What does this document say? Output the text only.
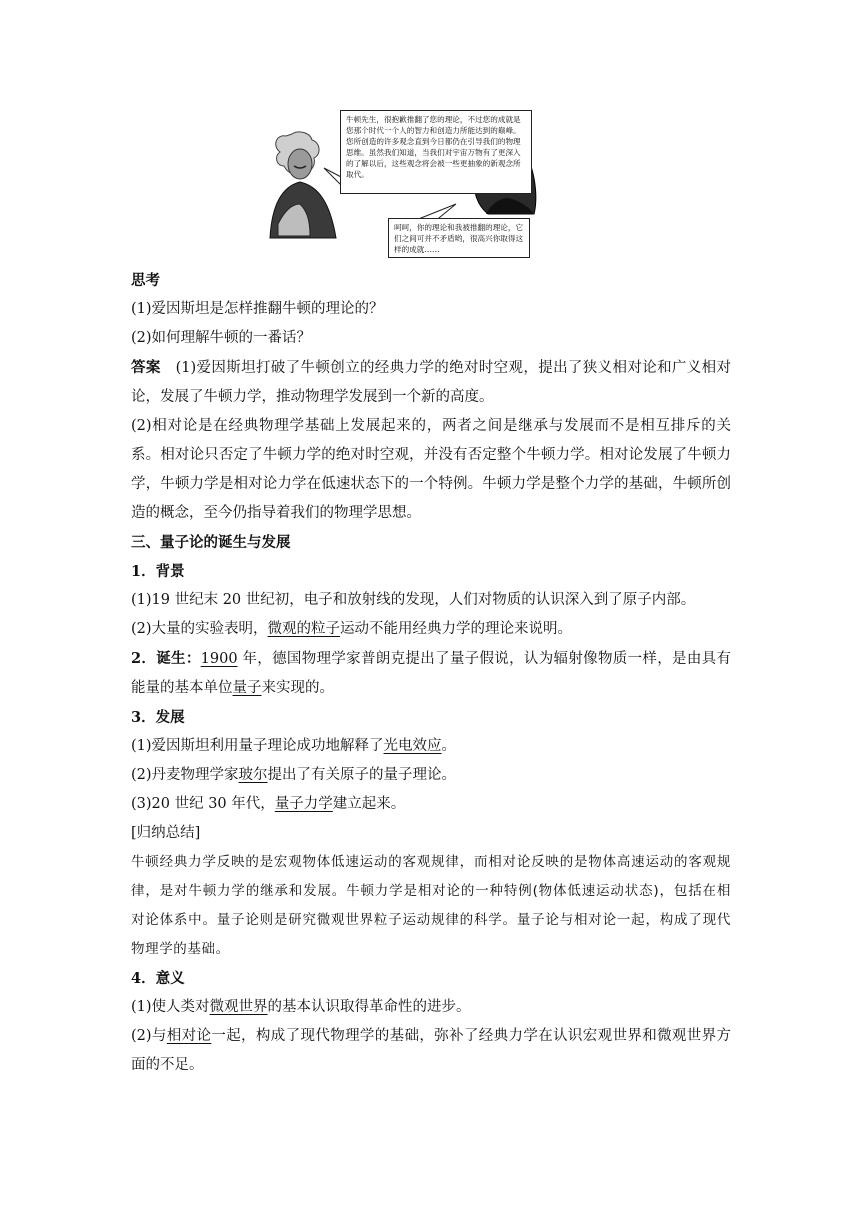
牛顿先生，很抱歉推翻了您的理论，不过您的成就是您那个时代一个人的智力和创造力所能达到的巅峰。您所创造的许多观念直到今日都仍在引导我们的物理思维。虽然我们知道，当我们对宇宙万物有了更深入的了解以后，这些观念将会被一些更抽象的新观念所取代。
呵呵，你的理论和我被推翻的理论，它们之间可并不矛盾哟，很高兴你取得这样的成就……

思考

(1)爱因斯坦是怎样推翻牛顿的理论的？

(2)如何理解牛顿的一番话？

答案 (1)爱因斯坦打破了牛顿创立的经典力学的绝对时空观，提出了狭义相对论和广义相对论，发展了牛顿力学，推动物理学发展到一个新的高度。

(2)相对论是在经典物理学基础上发展起来的，两者之间是继承与发展而不是相互排斥的关系。相对论只否定了牛顿力学的绝对时空观，并没有否定整个牛顿力学。相对论发展了牛顿力学，牛顿力学是相对论力学在低速状态下的一个特例。牛顿力学是整个力学的基础，牛顿所创造的概念，至今仍指导着我们的物理学思想。

三、量子论的诞生与发展

1．背景

(1)19 世纪末 20 世纪初，电子和放射线的发现，人们对物质的认识深入到了原子内部。

(2)大量的实验表明，微观的粒子运动不能用经典力学的理论来说明。

2．诞生：1900 年，德国物理学家普朗克提出了量子假说，认为辐射像物质一样，是由具有能量的基本单位量子来实现的。

3．发展

(1)爱因斯坦利用量子理论成功地解释了光电效应。

(2)丹麦物理学家玻尔提出了有关原子的量子理论。

(3)20 世纪 30 年代，量子力学建立起来。

[归纳总结]

牛顿经典力学反映的是宏观物体低速运动的客观规律，而相对论反映的是物体高速运动的客观规律，是对牛顿力学的继承和发展。牛顿力学是相对论的一种特例(物体低速运动状态)，包括在相对论体系中。量子论则是研究微观世界粒子运动规律的科学。量子论与相对论一起，构成了现代物理学的基础。

4．意义

(1)使人类对微观世界的基本认识取得革命性的进步。

(2)与相对论一起，构成了现代物理学的基础，弥补了经典力学在认识宏观世界和微观世界方面的不足。
